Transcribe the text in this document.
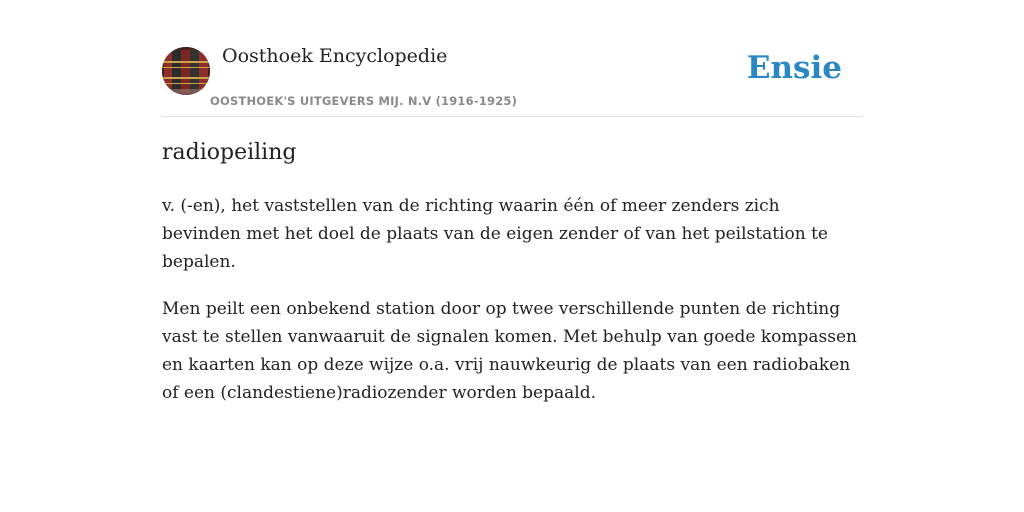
Oosthoek Encyclopedie
OOSTHOEK'S UITGEVERS MIJ. N.V (1916-1925)
Ensie
radiopeiling

v. (-en), het vaststellen van de richting waarin één of meer zenders zich bevinden met het doel de plaats van de eigen zender of van het peilstation te bepalen.

Men peilt een onbekend station door op twee verschillende punten de richting vast te stellen vanwaaruit de signalen komen. Met behulp van goede kompassen en kaarten kan op deze wijze o.a. vrij nauwkeurig de plaats van een radiobaken of een (clandestiene)radiozender worden bepaald.
